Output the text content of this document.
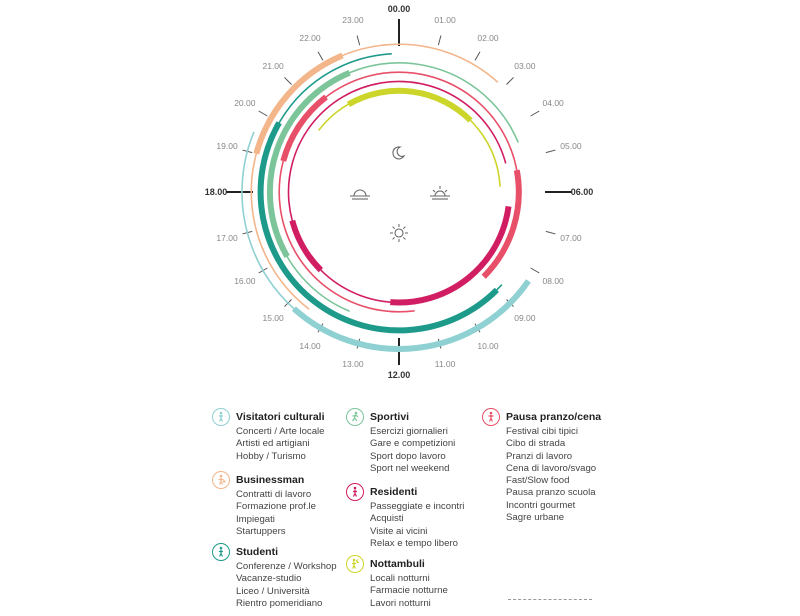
00.00
01.00
02.00
03.00
04.00
05.00
06.00
07.00
08.00
09.00
10.00
11.00
12.00
13.00
14.00
15.00
16.00
17.00
18.00
19.00
20.00
21.00
22.00
23.00
Visitatori culturali
Concerti / Arte locale
Artisti ed artigiani
Hobby / Turismo
Businessman
Contratti di lavoro
Formazione prof.le
Impiegati
Startuppers
Studenti
Conferenze / Workshop
Vacanze-studio
Liceo / Università
Rientro pomeridiano
Sportivi
Esercizi giornalieri
Gare e competizioni
Sport dopo lavoro
Sport nel weekend
Residenti
Passeggiate e incontri
Acquisti
Visite ai vicini
Relax e tempo libero
Nottambuli
Locali notturni
Farmacie notturne
Lavori notturni
Pausa pranzo/cena
Festival cibi tipici
Cibo di strada
Pranzi di lavoro
Cena di lavoro/svago
Fast/Slow food
Pausa pranzo scuola
Incontri gourmet
Sagre urbane
